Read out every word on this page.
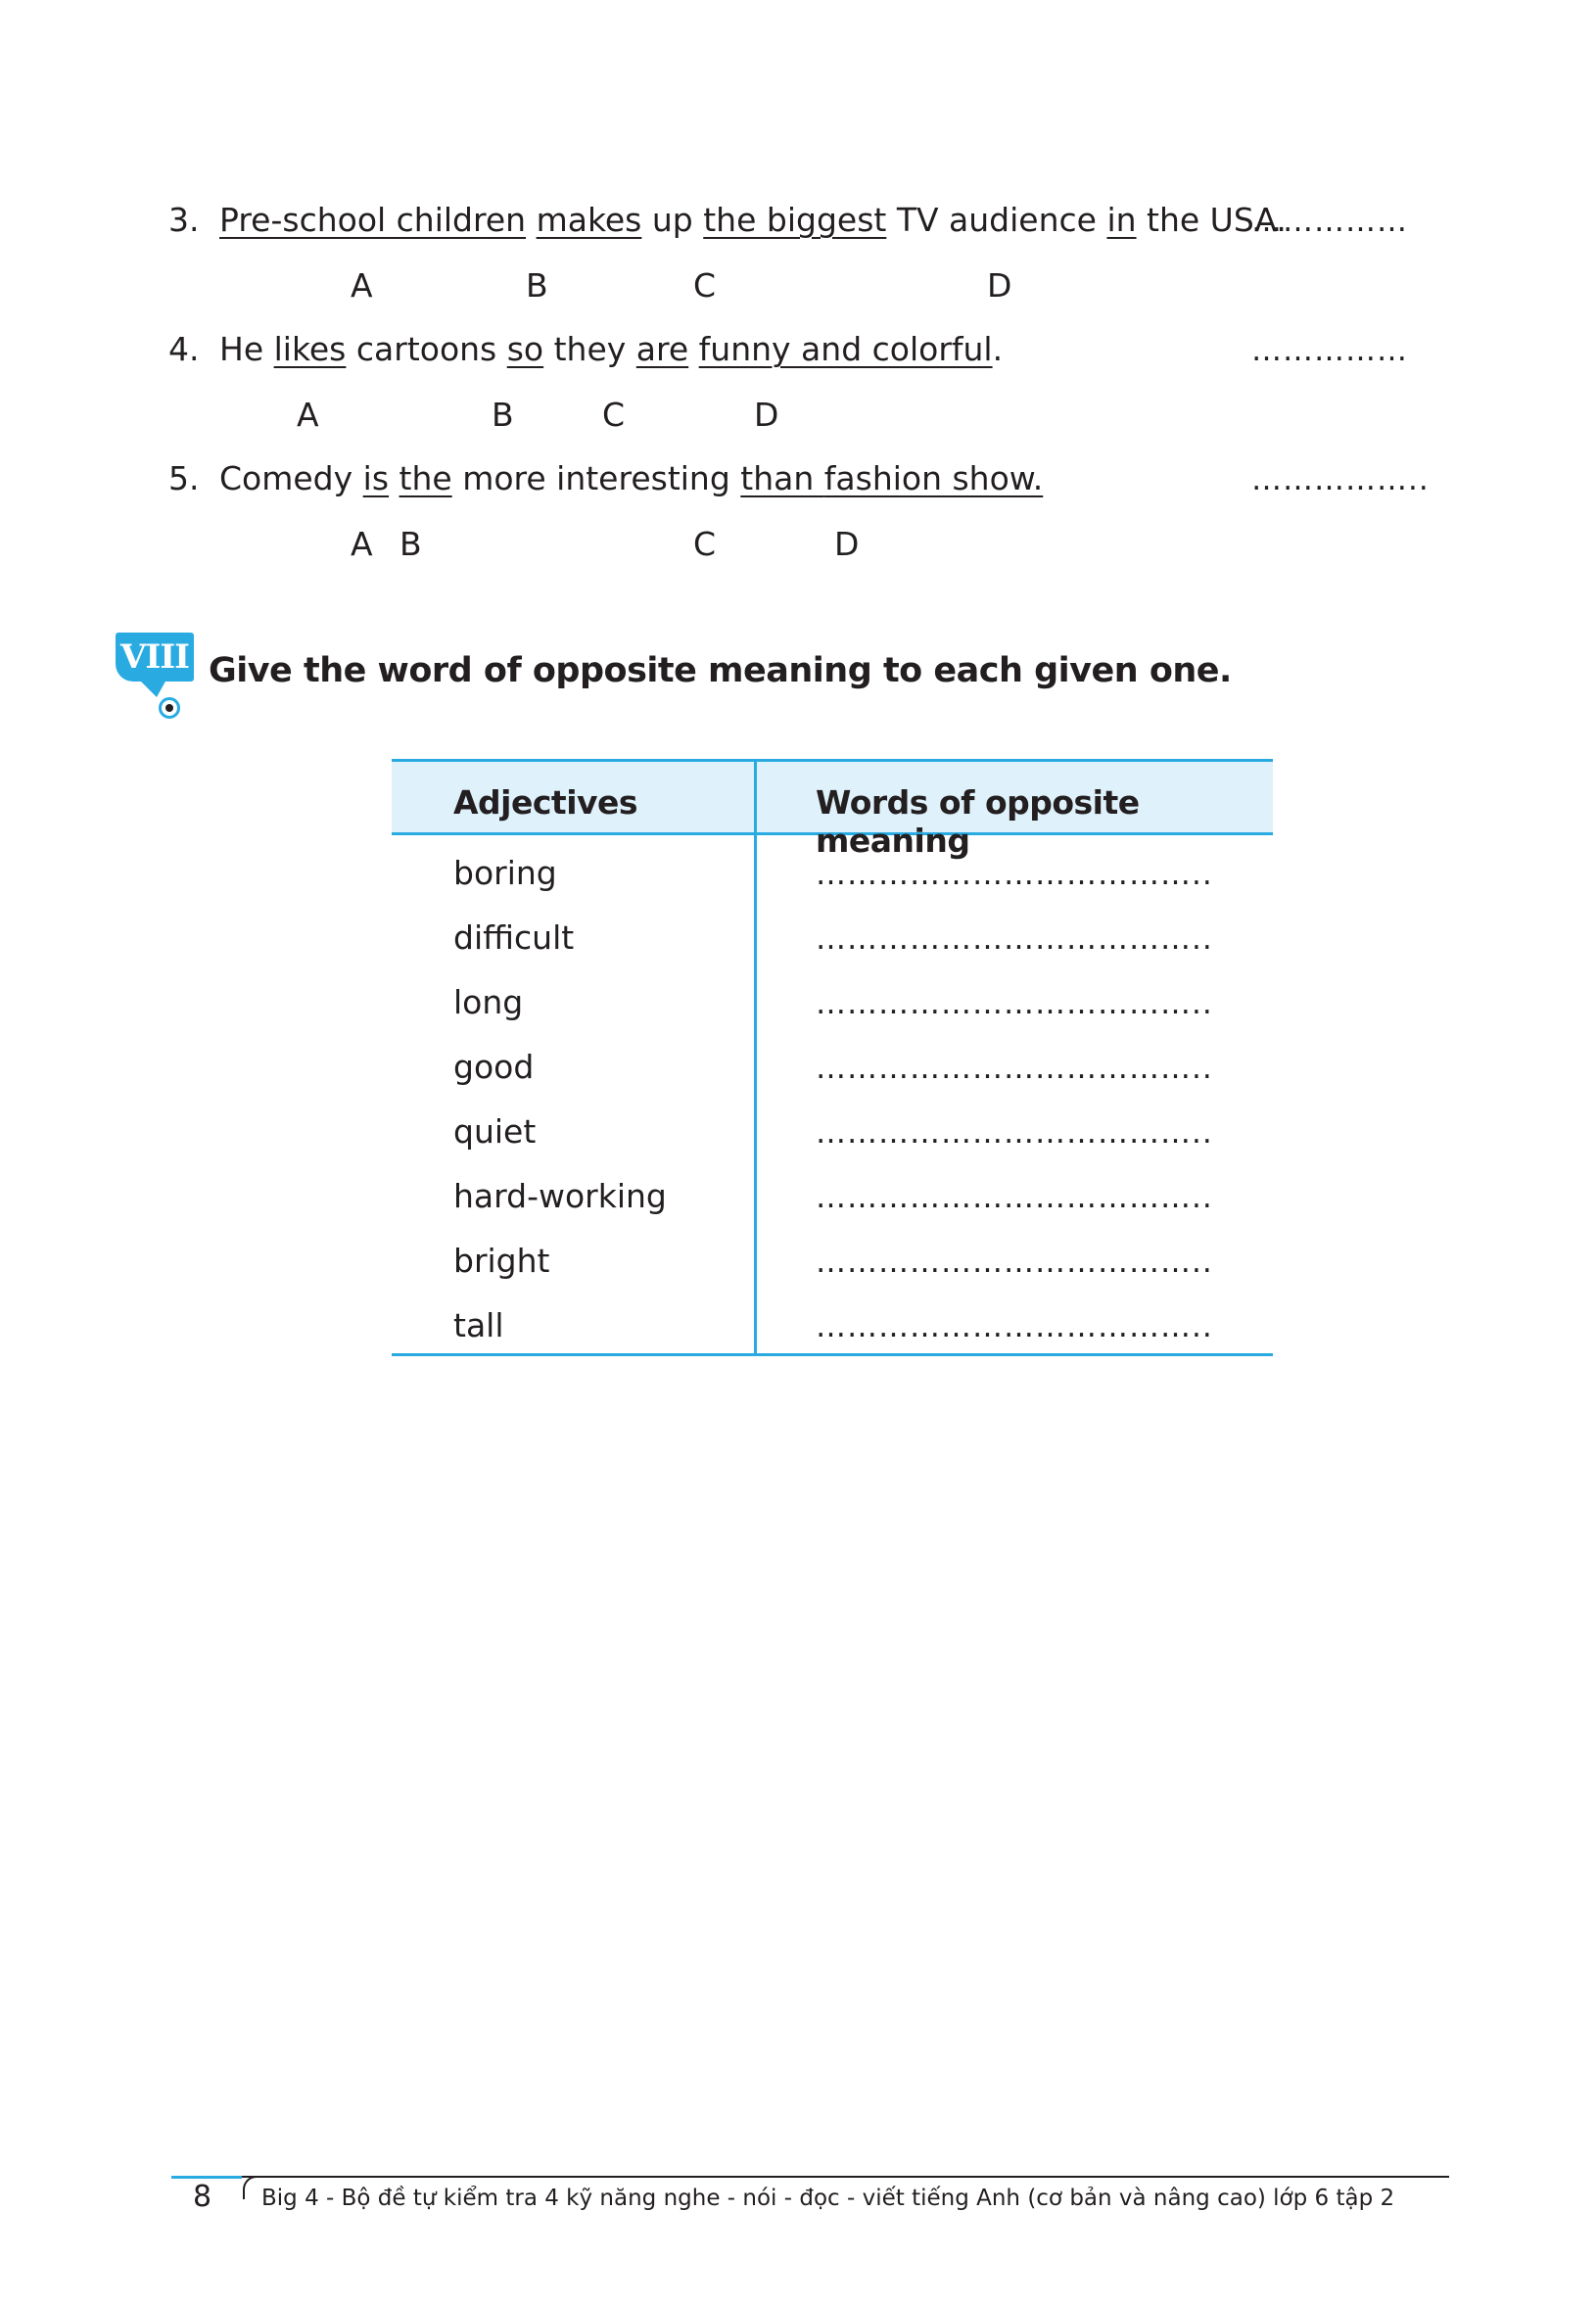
3. Pre-school children makes up the biggest TV audience in the USA.
……………
A	B	C	D
4. He likes cartoons so they are funny and colorful.	……………
A	B	C	D
5. Comedy is the more interesting than fashion show.	……………..
A B	C	D
VIII Give the word of opposite meaning to each given one.
Adjectives	Words of opposite meaning
boring	………………………………..
difficult	………………………………..
long	………………………………..
good	………………………………..
quiet	………………………………..
hard-working	………………………………..
bright	………………………………..
tall	………………………………..
8 Big 4 - Bộ đề tự kiểm tra 4 kỹ năng nghe - nói - đọc - viết tiếng Anh (cơ bản và nâng cao) lớp 6 tập 2
